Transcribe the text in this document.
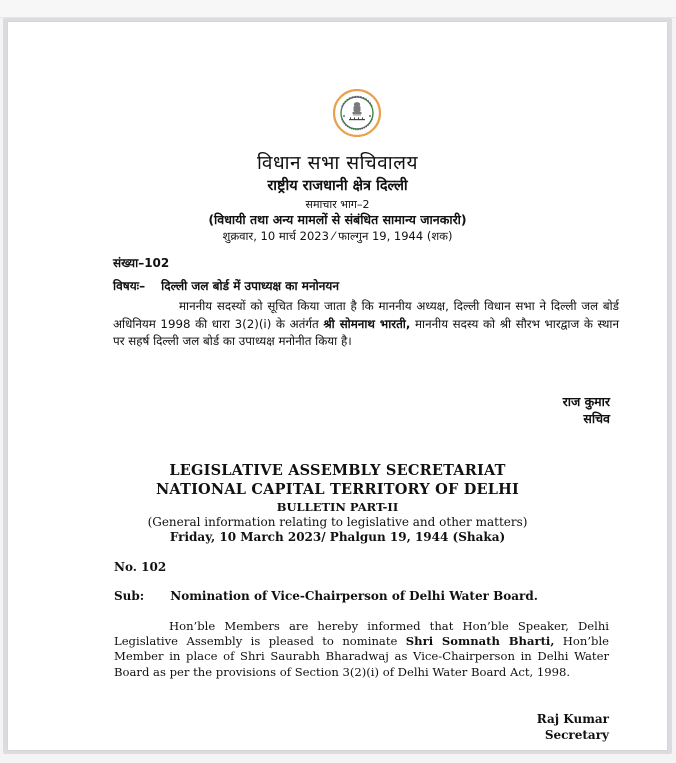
विधान सभा सचिवालय
राष्ट्रीय राजधानी क्षेत्र दिल्ली
समाचार भाग–2
(विधायी तथा अन्य मामलों से संबंधित सामान्य जानकारी)
शुक्रवार, 10 मार्च 2023 ⁄ फाल्गुन 19, 1944 (शक)
संख्या–102
विषयः– दिल्ली जल बोर्ड में उपाध्यक्ष का मनोनयन
माननीय सदस्यों को सूचित किया जाता है कि माननीय अध्यक्ष, दिल्ली विधान सभा ने दिल्ली जल बोर्ड अधिनियम 1998 की धारा 3(2)(i) के अतंर्गत श्री सोमनाथ भारती, माननीय सदस्य को श्री सौरभ भारद्वाज के स्थान पर सहर्ष दिल्ली जल बोर्ड का उपाध्यक्ष मनोनीत किया है।
राज कुमार
सचिव
LEGISLATIVE ASSEMBLY SECRETARIAT
NATIONAL CAPITAL TERRITORY OF DELHI
BULLETIN PART-II
(General information relating to legislative and other matters)
Friday, 10 March 2023/ Phalgun 19, 1944 (Shaka)
No. 102
Sub: Nomination of Vice-Chairperson of Delhi Water Board.
Hon’ble Members are hereby informed that Hon’ble Speaker, Delhi Legislative Assembly is pleased to nominate Shri Somnath Bharti, Hon’ble Member in place of Shri Saurabh Bharadwaj as Vice-Chairperson in Delhi Water Board as per the provisions of Section 3(2)(i) of Delhi Water Board Act, 1998.
Raj Kumar
Secretary
